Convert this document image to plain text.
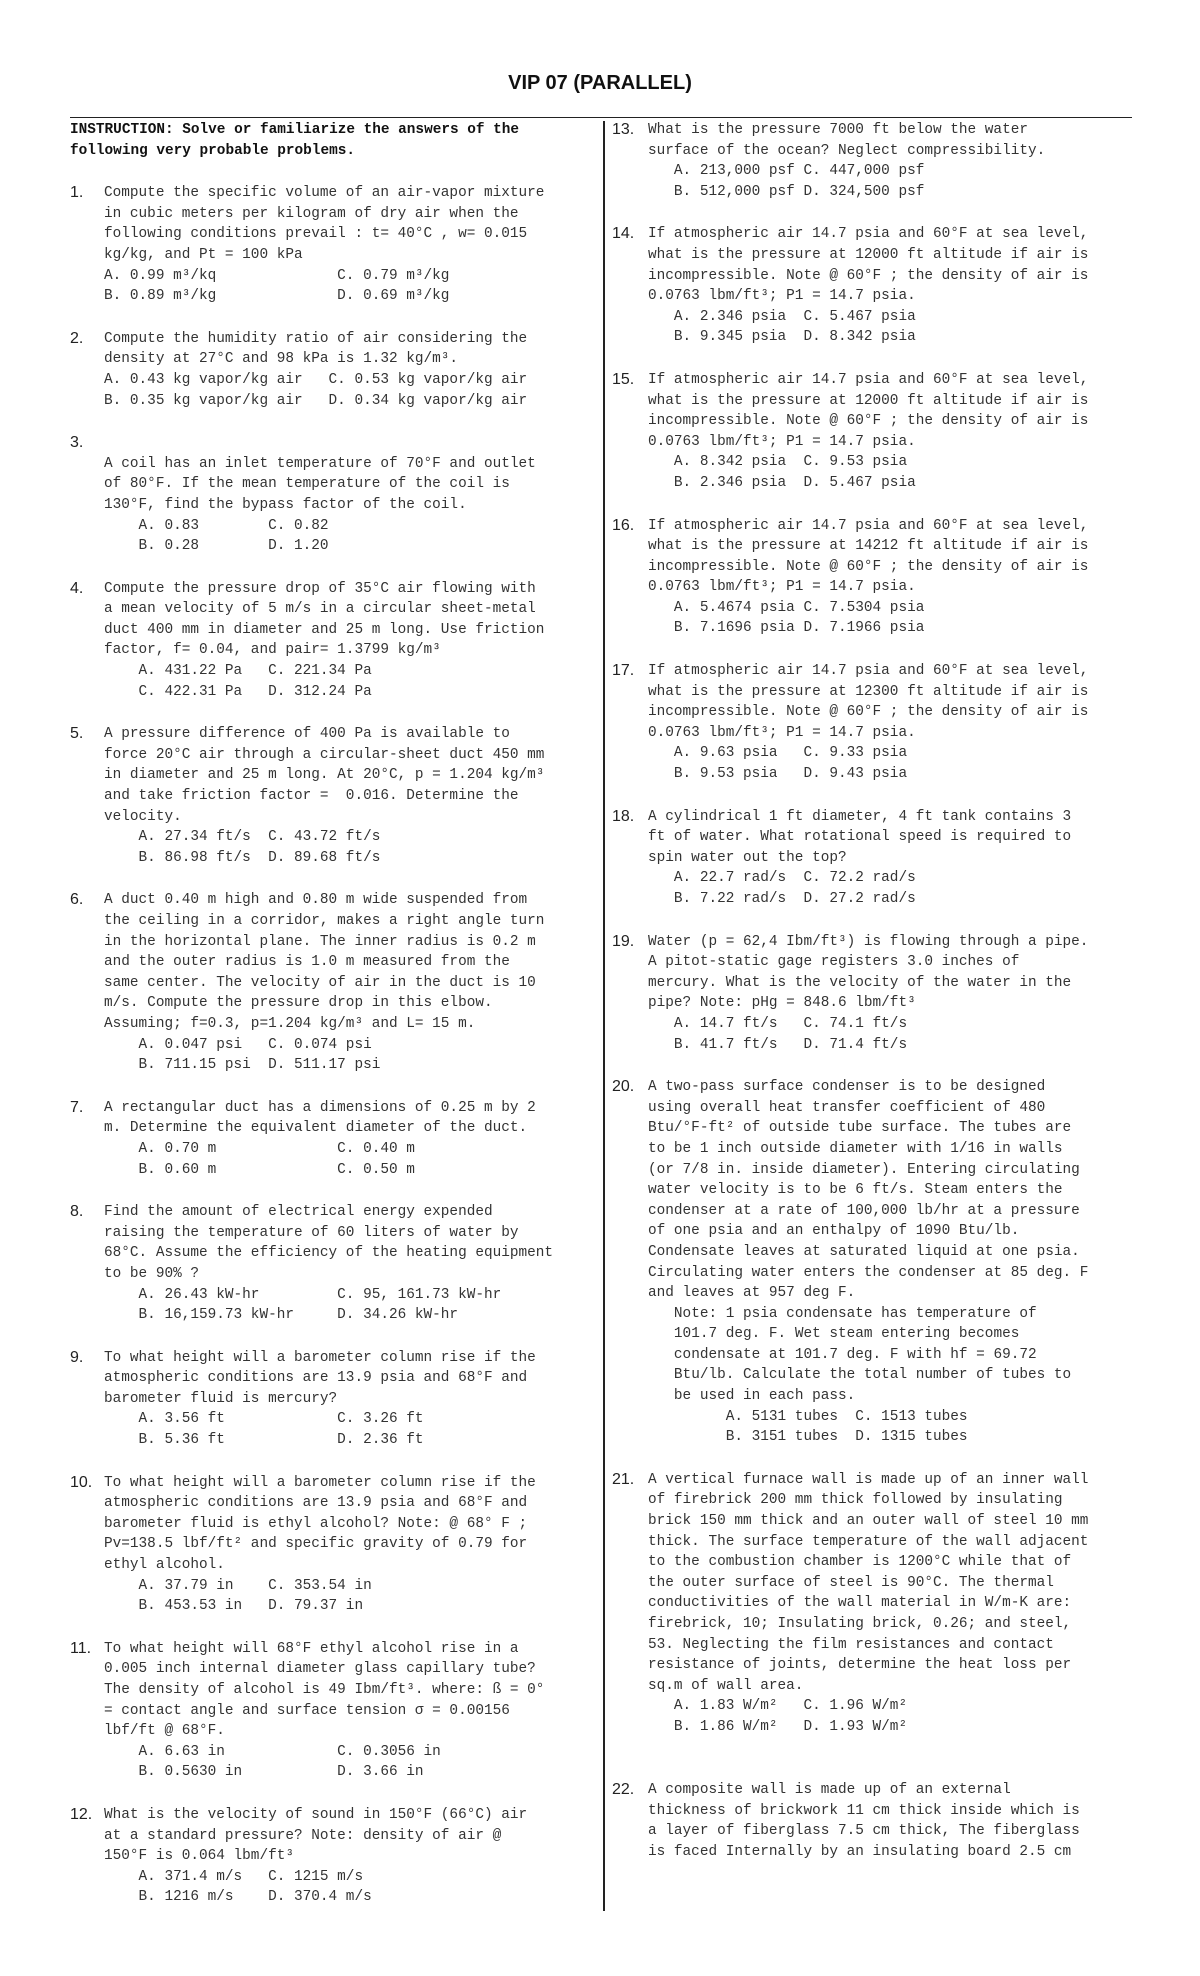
VIP 07 (PARALLEL)
INSTRUCTION: Solve or familiarize the answers of the
following very probable problems.
1. Compute the specific volume of an air-vapor mixture
in cubic meters per kilogram of dry air when the
following conditions prevail : t= 40°C , w= 0.015
kg/kg, and Pt = 100 kPa
A. 0.99 m³/kq              C. 0.79 m³/kg
B. 0.89 m³/kg              D. 0.69 m³/kg
2. Compute the humidity ratio of air considering the
density at 27°C and 98 kPa is 1.32 kg/m³.
A. 0.43 kg vapor/kg air   C. 0.53 kg vapor/kg air
B. 0.35 kg vapor/kg air   D. 0.34 kg vapor/kg air
3.

A coil has an inlet temperature of 70°F and outlet
of 80°F. If the mean temperature of the coil is
130°F, find the bypass factor of the coil.
A. 0.83        C. 0.82
B. 0.28        D. 1.20
4. Compute the pressure drop of 35°C air flowing with
a mean velocity of 5 m/s in a circular sheet-metal
duct 400 mm in diameter and 25 m long. Use friction
factor, f= 0.04, and pair= 1.3799 kg/m³
A. 431.22 Pa   C. 221.34 Pa
C. 422.31 Pa   D. 312.24 Pa
5. A pressure difference of 400 Pa is available to
force 20°C air through a circular-sheet duct 450 mm
in diameter and 25 m long. At 20°C, p = 1.204 kg/m³
and take friction factor =  0.016. Determine the
velocity.
A. 27.34 ft/s  C. 43.72 ft/s
B. 86.98 ft/s  D. 89.68 ft/s
6. A duct 0.40 m high and 0.80 m wide suspended from
the ceiling in a corridor, makes a right angle turn
in the horizontal plane. The inner radius is 0.2 m
and the outer radius is 1.0 m measured from the
same center. The velocity of air in the duct is 10
m/s. Compute the pressure drop in this elbow.
Assuming; f=0.3, p=1.204 kg/m³ and L= 15 m.
A. 0.047 psi   C. 0.074 psi
B. 711.15 psi  D. 511.17 psi
7. A rectangular duct has a dimensions of 0.25 m by 2
m. Determine the equivalent diameter of the duct.
A. 0.70 m              C. 0.40 m
B. 0.60 m              C. 0.50 m
8. Find the amount of electrical energy expended
raising the temperature of 60 liters of water by
68°C. Assume the efficiency of the heating equipment
to be 90% ?
A. 26.43 kW-hr         C. 95, 161.73 kW-hr
B. 16,159.73 kW-hr     D. 34.26 kW-hr
9. To what height will a barometer column rise if the
atmospheric conditions are 13.9 psia and 68°F and
barometer fluid is mercury?
A. 3.56 ft             C. 3.26 ft
B. 5.36 ft             D. 2.36 ft
10. To what height will a barometer column rise if the
atmospheric conditions are 13.9 psia and 68°F and
barometer fluid is ethyl alcohol? Note: @ 68° F ;
Pv=138.5 lbf/ft² and specific gravity of 0.79 for
ethyl alcohol.
A. 37.79 in    C. 353.54 in
B. 453.53 in   D. 79.37 in
11. To what height will 68°F ethyl alcohol rise in a
0.005 inch internal diameter glass capillary tube?
The density of alcohol is 49 Ibm/ft³. where: ß = 0°
= contact angle and surface tension σ = 0.00156
lbf/ft @ 68°F.
A. 6.63 in             C. 0.3056 in
B. 0.5630 in           D. 3.66 in
12. What is the velocity of sound in 150°F (66°C) air
at a standard pressure? Note: density of air @
150°F is 0.064 lbm/ft³
A. 371.4 m/s   C. 1215 m/s
B. 1216 m/s    D. 370.4 m/s
13. What is the pressure 7000 ft below the water
surface of the ocean? Neglect compressibility.
A. 213,000 psf C. 447,000 psf
B. 512,000 psf D. 324,500 psf
14. If atmospheric air 14.7 psia and 60°F at sea level,
what is the pressure at 12000 ft altitude if air is
incompressible. Note @ 60°F ; the density of air is
0.0763 lbm/ft³; P1 = 14.7 psia.
A. 2.346 psia  C. 5.467 psia
B. 9.345 psia  D. 8.342 psia
15. If atmospheric air 14.7 psia and 60°F at sea level,
what is the pressure at 12000 ft altitude if air is
incompressible. Note @ 60°F ; the density of air is
0.0763 lbm/ft³; P1 = 14.7 psia.
A. 8.342 psia  C. 9.53 psia
B. 2.346 psia  D. 5.467 psia
16. If atmospheric air 14.7 psia and 60°F at sea level,
what is the pressure at 14212 ft altitude if air is
incompressible. Note @ 60°F ; the density of air is
0.0763 lbm/ft³; P1 = 14.7 psia.
A. 5.4674 psia C. 7.5304 psia
B. 7.1696 psia D. 7.1966 psia
17. If atmospheric air 14.7 psia and 60°F at sea level,
what is the pressure at 12300 ft altitude if air is
incompressible. Note @ 60°F ; the density of air is
0.0763 lbm/ft³; P1 = 14.7 psia.
A. 9.63 psia   C. 9.33 psia
B. 9.53 psia   D. 9.43 psia
18. A cylindrical 1 ft diameter, 4 ft tank contains 3
ft of water. What rotational speed is required to
spin water out the top?
A. 22.7 rad/s  C. 72.2 rad/s
B. 7.22 rad/s  D. 27.2 rad/s
19. Water (p = 62,4 Ibm/ft³) is flowing through a pipe.
A pitot-static gage registers 3.0 inches of
mercury. What is the velocity of the water in the
pipe? Note: pHg = 848.6 lbm/ft³
A. 14.7 ft/s   C. 74.1 ft/s
B. 41.7 ft/s   D. 71.4 ft/s
20. A two-pass surface condenser is to be designed
using overall heat transfer coefficient of 480
Btu/°F-ft² of outside tube surface. The tubes are
to be 1 inch outside diameter with 1/16 in walls
(or 7/8 in. inside diameter). Entering circulating
water velocity is to be 6 ft/s. Steam enters the
condenser at a rate of 100,000 lb/hr at a pressure
of one psia and an enthalpy of 1090 Btu/lb.
Condensate leaves at saturated liquid at one psia.
Circulating water enters the condenser at 85 deg. F
and leaves at 957 deg F.
Note: 1 psia condensate has temperature of
101.7 deg. F. Wet steam entering becomes
condensate at 101.7 deg. F with hf = 69.72
Btu/lb. Calculate the total number of tubes to
be used in each pass.
A. 5131 tubes  C. 1513 tubes
B. 3151 tubes  D. 1315 tubes
21. A vertical furnace wall is made up of an inner wall
of firebrick 200 mm thick followed by insulating
brick 150 mm thick and an outer wall of steel 10 mm
thick. The surface temperature of the wall adjacent
to the combustion chamber is 1200°C while that of
the outer surface of steel is 90°C. The thermal
conductivities of the wall material in W/m-K are:
firebrick, 10; Insulating brick, 0.26; and steel,
53. Neglecting the film resistances and contact
resistance of joints, determine the heat loss per
sq.m of wall area.

A. 1.83 W/m²   C. 1.96 W/m²
B. 1.86 W/m²   D. 1.93 W/m²

22. A composite wall is made up of an external
thickness of brickwork 11 cm thick inside which is
a layer of fiberglass 7.5 cm thick, The fiberglass
is faced Internally by an insulating board 2.5 cm
